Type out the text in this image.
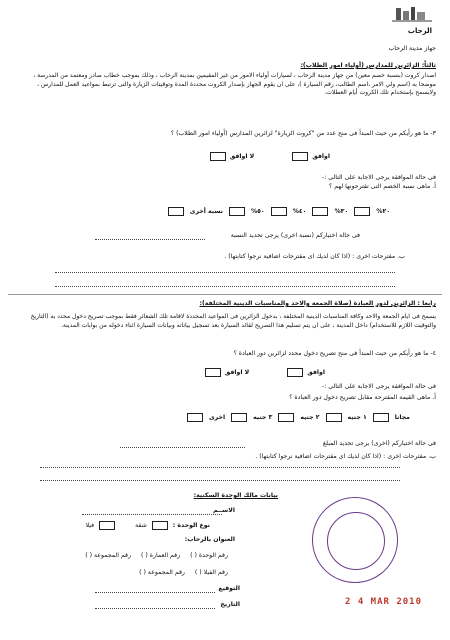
الرحاب
جهاز مدينة الرحاب
ثالثاً: الزائرين للمدارس (أولياء امور الطلاب):
اصدار كروت (بنسبة خصم معين) من جهاز مدينة الرحاب ، لسيارات أولياء الامور من غير المقيمين بمدينة الرحاب ، وذلك بموجب خطاب صادر ومعتمد من المدرسة ، موضحا به (اسم ولي الامر ،اسم الطالب، رقم السيارة )، على ان يقوم الجهاز بإصدار الكروت محددة المدة وتوقيتات الزيارة والتى ترتبط بمواعيد العمل للمدارس ، ولايسمح بإستخدام تلك الكروت أيام العطلات.
٣- ما هو رأيكم من حيث المبدأ فى منح عدد من "كروت الزيارة" لزائرين المدارس (أولياء امور الطلاب) ؟
اوافق
لا اوافق
فى حالة الموافقة يرجى الاجابة على التالى :-
أ. ماهى نسبة الخصم التى تقترحونها لهم ؟
٢٠%
٣٠%
٤٠%
٥٠%
نسبة أخرى
فى حالة اختياركم (نسبة اخرى) يرجى تحديد النسبة
ب. مقترحات اخرى : (اذا كان لديك اى مقترحات اضافية نرجوا كتابتها) .
رابعا : الزائرين لدور العبادة (صلاة الجمعة والاحد والمناسبات الدينية المختلفة):
يسمح فى ايام الجمعة والاحد وكافة المناسبات الدينية المختلفة ، بدخول الزائرين فى المواعيد المحددة لاقامة تلك الشعائر فقط بموجب تصريح دخول محدد به (التاريخ والتوقيت اللازم للاستخدام) داخل المدينة ، على ان يتم تسليم هذا التصريح لقائد السيارة بعد تسجيل بياناته وبيانات السيارة اثناء دخوله من بوابات المدينة.
٤- ما هو رأيكم من حيث المبدأ فى منح تصريح دخول محدد لزائرين دور العبادة ؟
اوافق
لا اوافق
فى حالة الموافقة يرجى الاجابة على التالى :-
أ. ماهى القيمة المقترحة مقابل تصريح دخول دور العبادة ؟
مجانا
١ جنيه
٢ جنيه
٣ جنيه
اخرى
فى حالة اختياركم (اخرى) يرجى تحديد المبلغ
ب. مقترحات اخرى : (اذا كان لديك اى مقترحات اضافية نرجوا كتابتها) .
بيانات مالك الوحدة السكنية:
الاســم
نوع الوحدة :
شقة
فيلا
العنوان بالرحاب:
رقم الوحدة ( )
رقم العمارة ( )
رقم المجموعة ( )
رقم الفيلا ( )
رقم المجموعة ( )
التوقيع
التاريخ	2 4 MAR 2010
